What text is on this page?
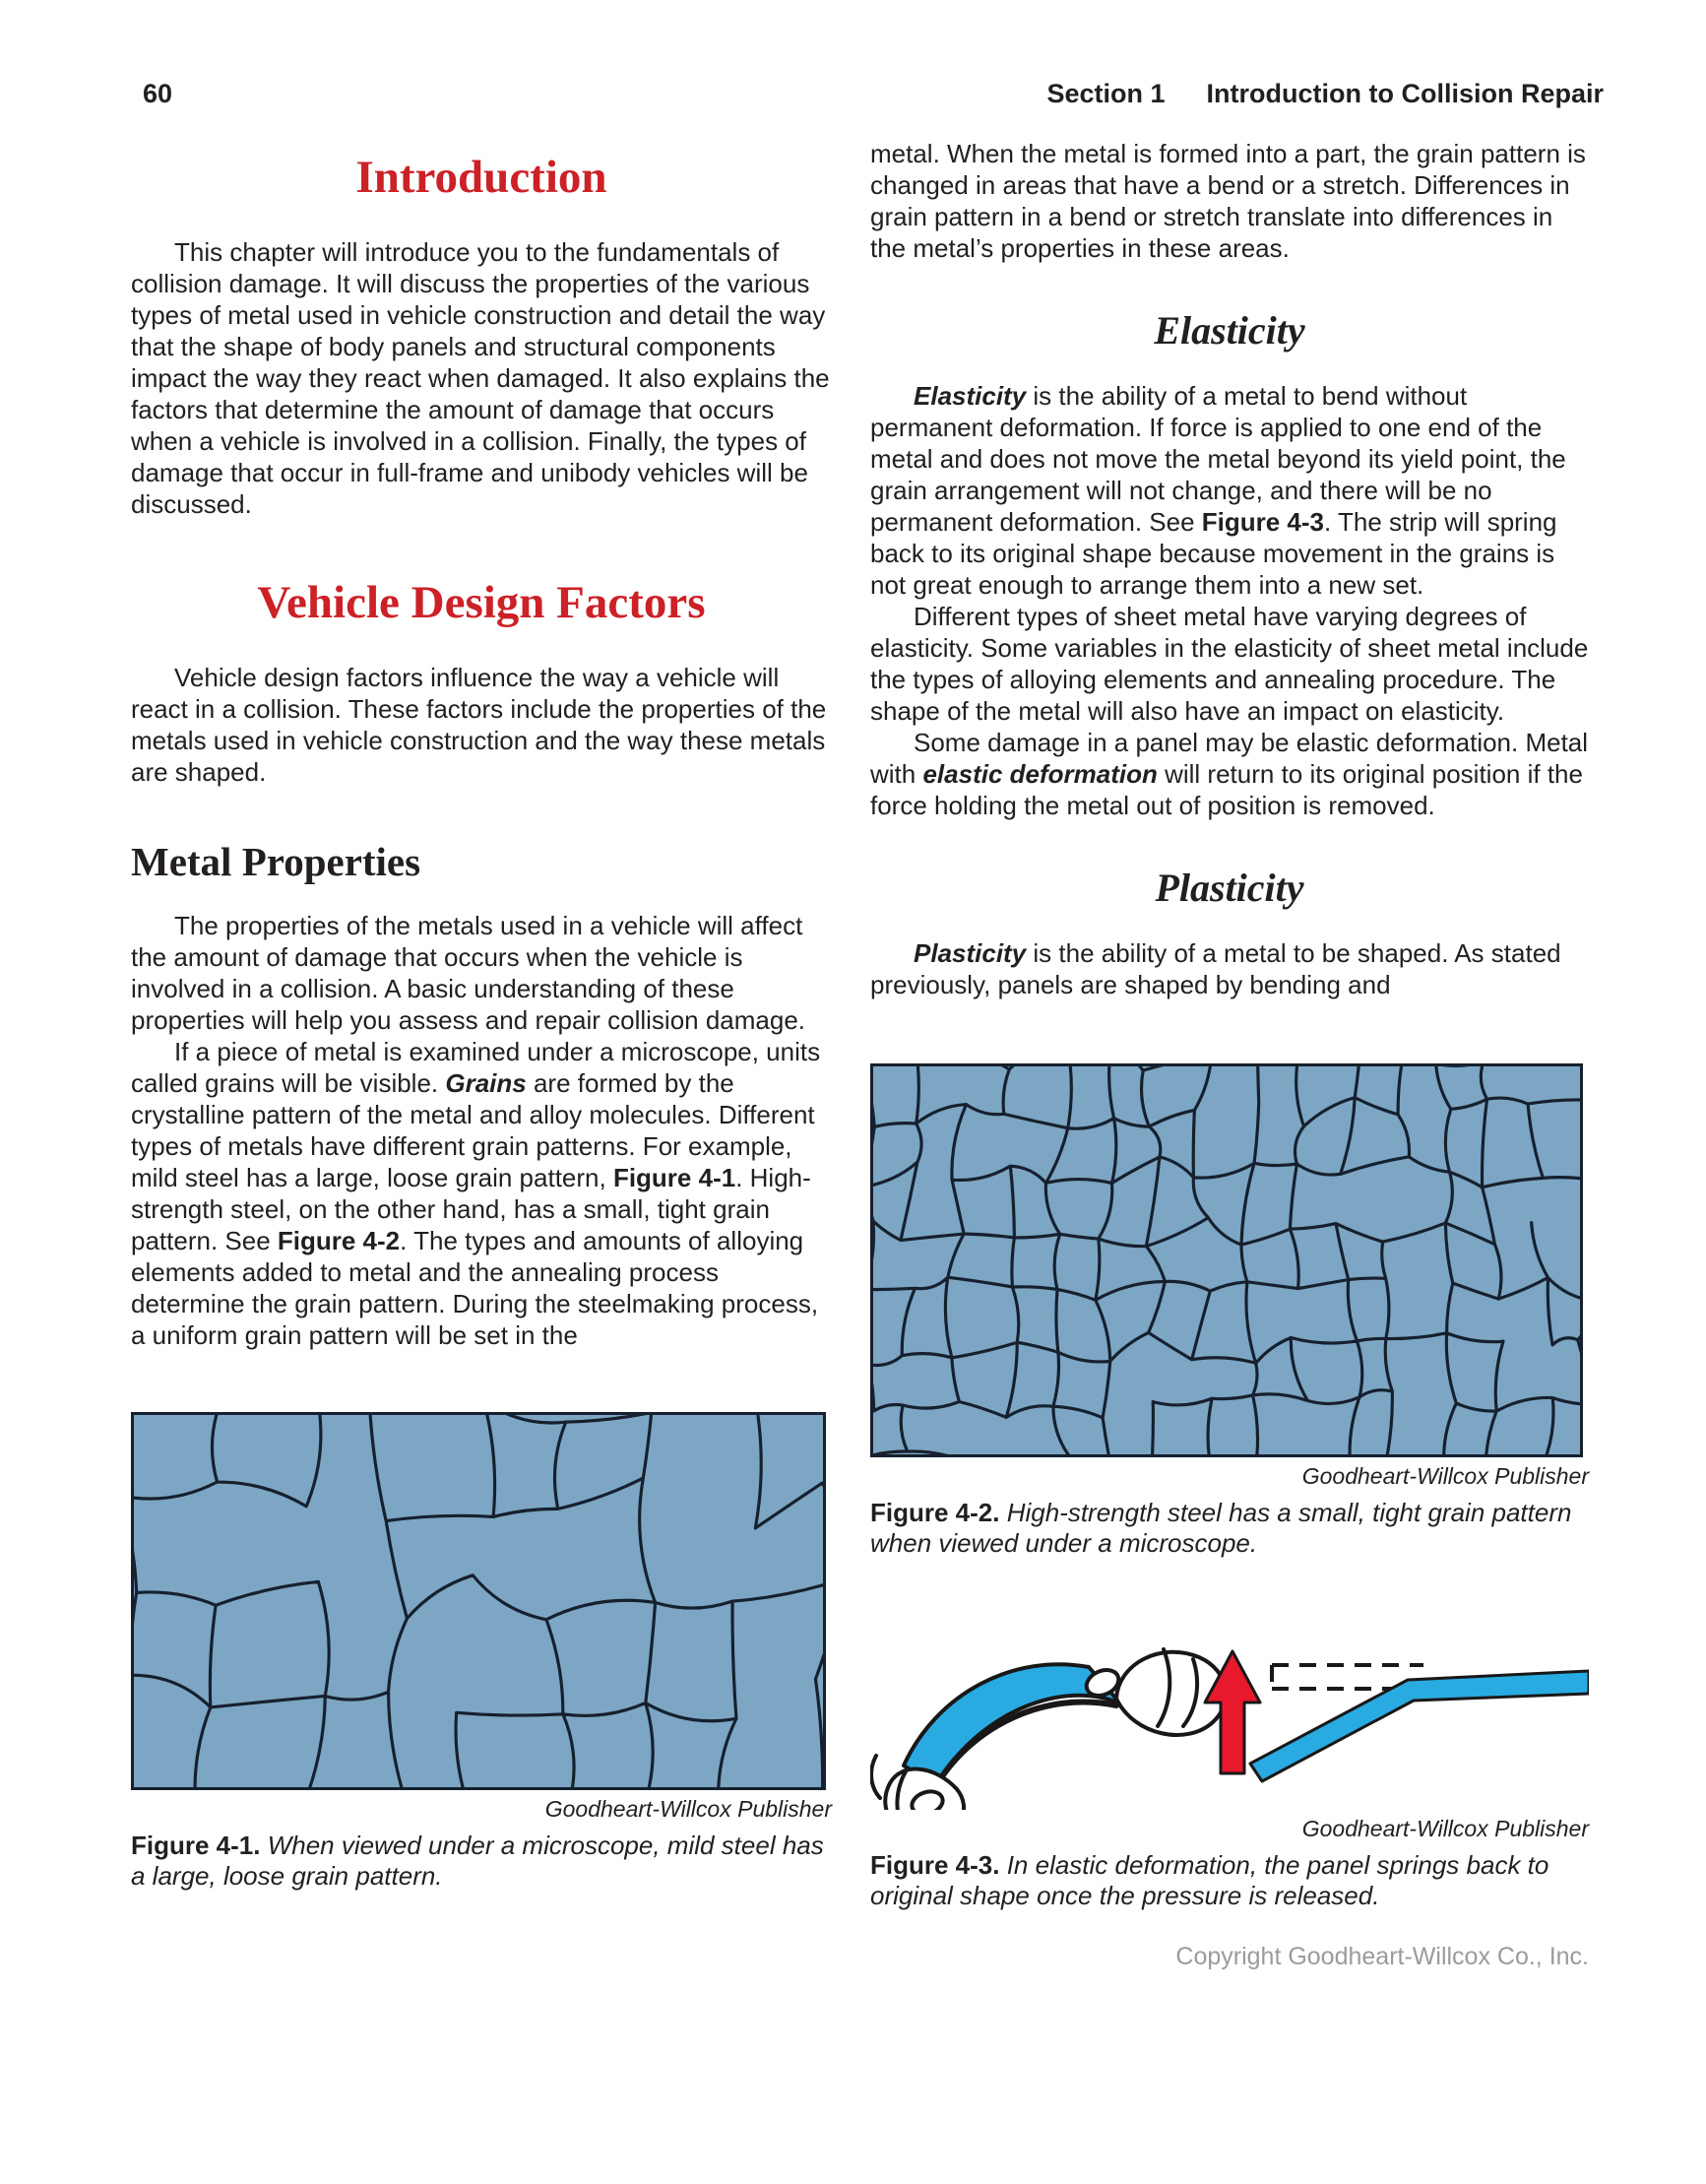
60	Section 1 Introduction to Collision Repair
Introduction

This chapter will introduce you to the fundamentals of collision damage. It will discuss the properties of the various types of metal used in vehicle construction and detail the way that the shape of body panels and structural components impact the way they react when damaged. It also explains the factors that determine the amount of damage that occurs when a vehicle is involved in a collision. Finally, the types of damage that occur in full-frame and unibody vehicles will be discussed.

Vehicle Design Factors

Vehicle design factors influence the way a vehicle will react in a collision. These factors include the properties of the metals used in vehicle construction and the way these metals are shaped.

Metal Properties

The properties of the metals used in a vehicle will affect the amount of damage that occurs when the vehicle is involved in a collision. A basic understanding of these properties will help you assess and repair collision damage.

If a piece of metal is examined under a microscope, units called grains will be visible. Grains are formed by the crystalline pattern of the metal and alloy molecules. Different types of metals have different grain patterns. For example, mild steel has a large, loose grain pattern, Figure 4-1. High-strength steel, on the other hand, has a small, tight grain pattern. See Figure 4-2. The types and amounts of alloying elements added to metal and the annealing process determine the grain pattern. During the steelmaking process, a uniform grain pattern will be set in the

Goodheart-Willcox Publisher
Figure 4-1. When viewed under a microscope, mild steel has a large, loose grain pattern.

metal. When the metal is formed into a part, the grain pattern is changed in areas that have a bend or a stretch. Differences in grain pattern in a bend or stretch translate into differences in the metal’s properties in these areas.

Elasticity

Elasticity is the ability of a metal to bend without permanent deformation. If force is applied to one end of the metal and does not move the metal beyond its yield point, the grain arrangement will not change, and there will be no permanent deformation. See Figure 4-3. The strip will spring back to its original shape because movement in the grains is not great enough to arrange them into a new set.

Different types of sheet metal have varying degrees of elasticity. Some variables in the elasticity of sheet metal include the types of alloying elements and annealing procedure. The shape of the metal will also have an impact on elasticity.

Some damage in a panel may be elastic deformation. Metal with elastic deformation will return to its original position if the force holding the metal out of position is removed.

Plasticity

Plasticity is the ability of a metal to be shaped. As stated previously, panels are shaped by bending and

Goodheart-Willcox Publisher
Figure 4-2. High-strength steel has a small, tight grain pattern when viewed under a microscope.
Goodheart-Willcox Publisher
Figure 4-3. In elastic deformation, the panel springs back to original shape once the pressure is released.
Copyright Goodheart-Willcox Co., Inc.
